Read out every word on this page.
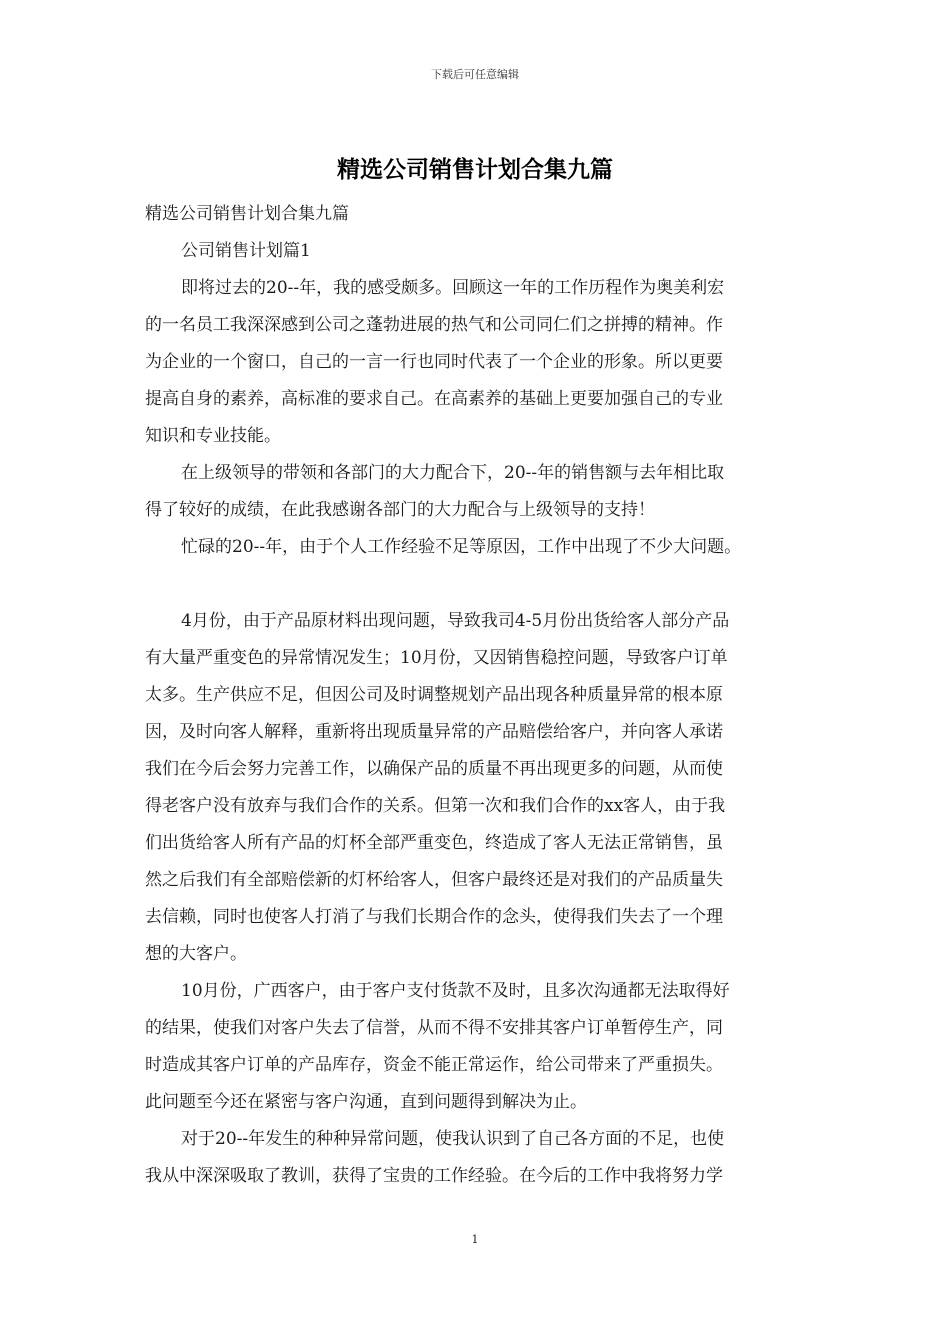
下载后可任意编辑
精选公司销售计划合集九篇

精选公司销售计划合集九篇

公司销售计划篇1

即将过去的20--年，我的感受颇多。回顾这一年的工作历程作为奥美利宏
的一名员工我深深感到公司之蓬勃进展的热气和公司同仁们之拼搏的精神。作
为企业的一个窗口，自己的一言一行也同时代表了一个企业的形象。所以更要
提高自身的素养，高标准的要求自己。在高素养的基础上更要加强自己的专业
知识和专业技能。

在上级领导的带领和各部门的大力配合下，20--年的销售额与去年相比取
得了较好的成绩，在此我感谢各部门的大力配合与上级领导的支持！

忙碌的20--年，由于个人工作经验不足等原因，工作中出现了不少大问题。

4月份，由于产品原材料出现问题，导致我司4-5月份出货给客人部分产品
有大量严重变色的异常情况发生；10月份，又因销售稳控问题，导致客户订单
太多。生产供应不足，但因公司及时调整规划产品出现各种质量异常的根本原
因，及时向客人解释，重新将出现质量异常的产品赔偿给客户，并向客人承诺
我们在今后会努力完善工作，以确保产品的质量不再出现更多的问题，从而使
得老客户没有放弃与我们合作的关系。但第一次和我们合作的xx客人，由于我
们出货给客人所有产品的灯杯全部严重变色，终造成了客人无法正常销售，虽
然之后我们有全部赔偿新的灯杯给客人，但客户最终还是对我们的产品质量失
去信赖，同时也使客人打消了与我们长期合作的念头，使得我们失去了一个理
想的大客户。

10月份，广西客户，由于客户支付货款不及时，且多次沟通都无法取得好
的结果，使我们对客户失去了信誉，从而不得不安排其客户订单暂停生产，同
时造成其客户订单的产品库存，资金不能正常运作，给公司带来了严重损失。
此问题至今还在紧密与客户沟通，直到问题得到解决为止。

对于20--年发生的种种异常问题，使我认识到了自己各方面的不足，也使
我从中深深吸取了教训，获得了宝贵的工作经验。在今后的工作中我将努力学

1
